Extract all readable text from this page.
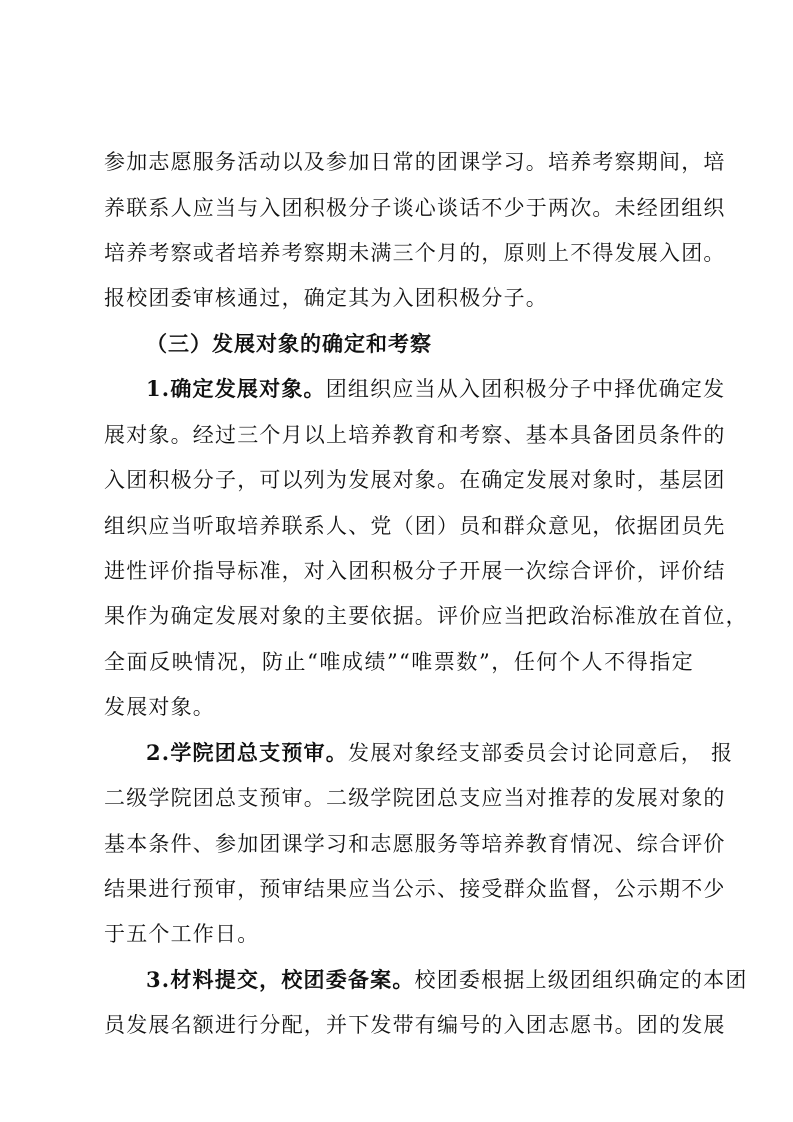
参加志愿服务活动以及参加日常的团课学习。培养考察期间，培
养联系人应当与入团积极分子谈心谈话不少于两次。未经团组织
培养考察或者培养考察期未满三个月的，原则上不得发展入团。
报校团委审核通过，确定其为入团积极分子。
（三）发展对象的确定和考察
1.确定发展对象。团组织应当从入团积极分子中择优确定发
展对象。经过三个月以上培养教育和考察、基本具备团员条件的
入团积极分子，可以列为发展对象。在确定发展对象时，基层团
组织应当听取培养联系人、党（团）员和群众意见，依据团员先
进性评价指导标准，对入团积极分子开展一次综合评价，评价结
果作为确定发展对象的主要依据。评价应当把政治标准放在首位，
全面反映情况，防止“唯成绩”“唯票数”，任何个人不得指定
发展对象。
2.学院团总支预审。发展对象经支部委员会讨论同意后， 报
二级学院团总支预审。二级学院团总支应当对推荐的发展对象的
基本条件、参加团课学习和志愿服务等培养教育情况、综合评价
结果进行预审，预审结果应当公示、接受群众监督，公示期不少
于五个工作日。
3.材料提交，校团委备案。校团委根据上级团组织确定的本团
员发展名额进行分配，并下发带有编号的入团志愿书。团的发展
